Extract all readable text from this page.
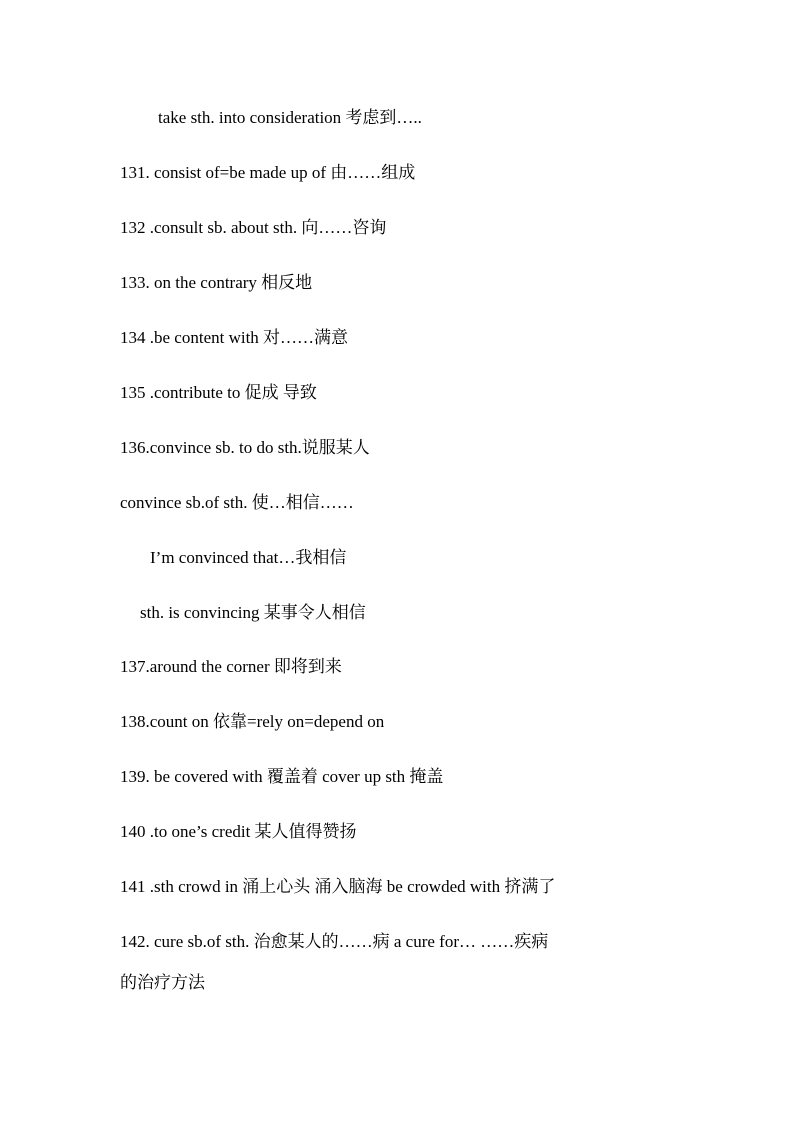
take sth. into consideration 考虑到…..
131. consist of=be made up of 由……组成
132 .consult sb. about sth. 向……咨询
133. on the contrary 相反地
134 .be content with 对……满意
135 .contribute to 促成 导致
136.convince sb. to do sth.说服某人
convince sb.of sth. 使…相信……
I’m convinced that…我相信
sth. is convincing 某事令人相信
137.around the corner 即将到来
138.count on 依靠=rely on=depend on
139. be covered with 覆盖着 cover up sth 掩盖
140 .to one’s credit 某人值得赞扬
141 .sth crowd in 涌上心头 涌入脑海 be crowded with 挤满了
142. cure sb.of sth. 治愈某人的……病 a cure for… ……疾病
的治疗方法
